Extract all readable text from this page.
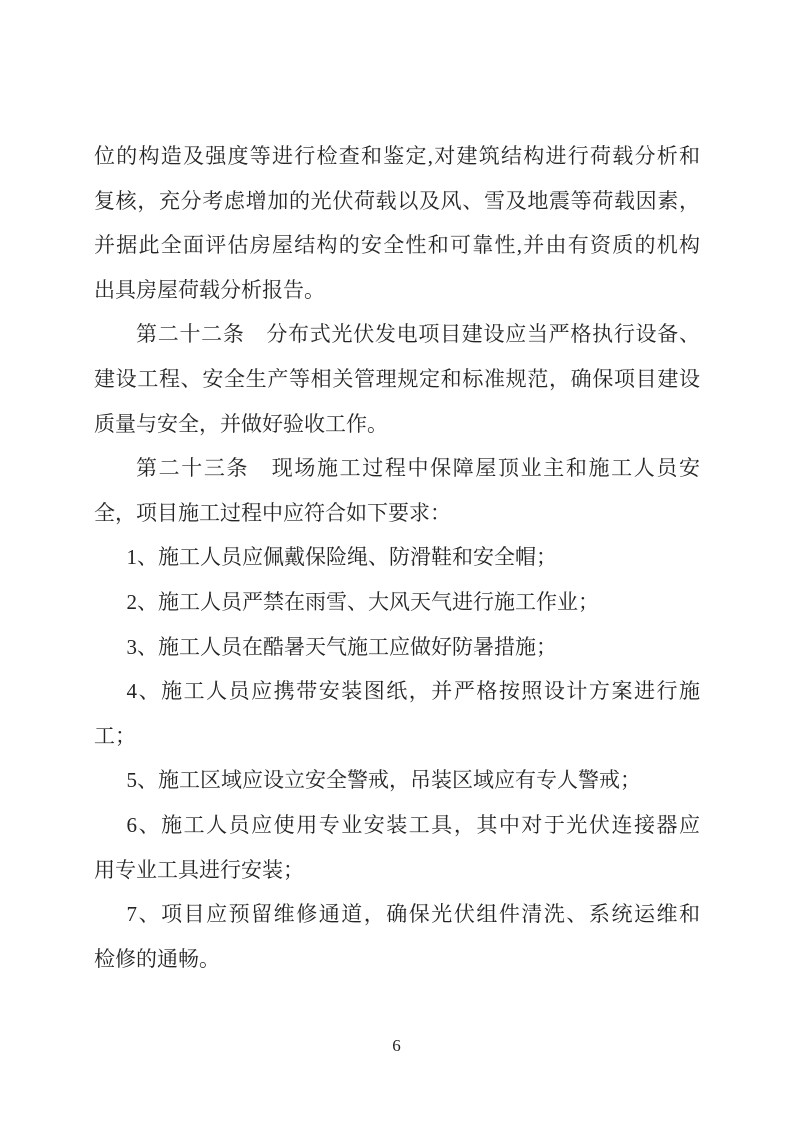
位的构造及强度等进行检查和鉴定,对建筑结构进行荷载分析和
复核，充分考虑增加的光伏荷载以及风、雪及地震等荷载因素，
并据此全面评估房屋结构的安全性和可靠性,并由有资质的机构
出具房屋荷载分析报告。
第二十二条　分布式光伏发电项目建设应当严格执行设备、
建设工程、安全生产等相关管理规定和标准规范，确保项目建设
质量与安全，并做好验收工作。
第二十三条　现场施工过程中保障屋顶业主和施工人员安
全，项目施工过程中应符合如下要求：
1、施工人员应佩戴保险绳、防滑鞋和安全帽；
2、施工人员严禁在雨雪、大风天气进行施工作业；
3、施工人员在酷暑天气施工应做好防暑措施；
4、施工人员应携带安装图纸，并严格按照设计方案进行施
工；
5、施工区域应设立安全警戒，吊装区域应有专人警戒；
6、施工人员应使用专业安装工具，其中对于光伏连接器应
用专业工具进行安装；
7、项目应预留维修通道，确保光伏组件清洗、系统运维和
检修的通畅。
6
